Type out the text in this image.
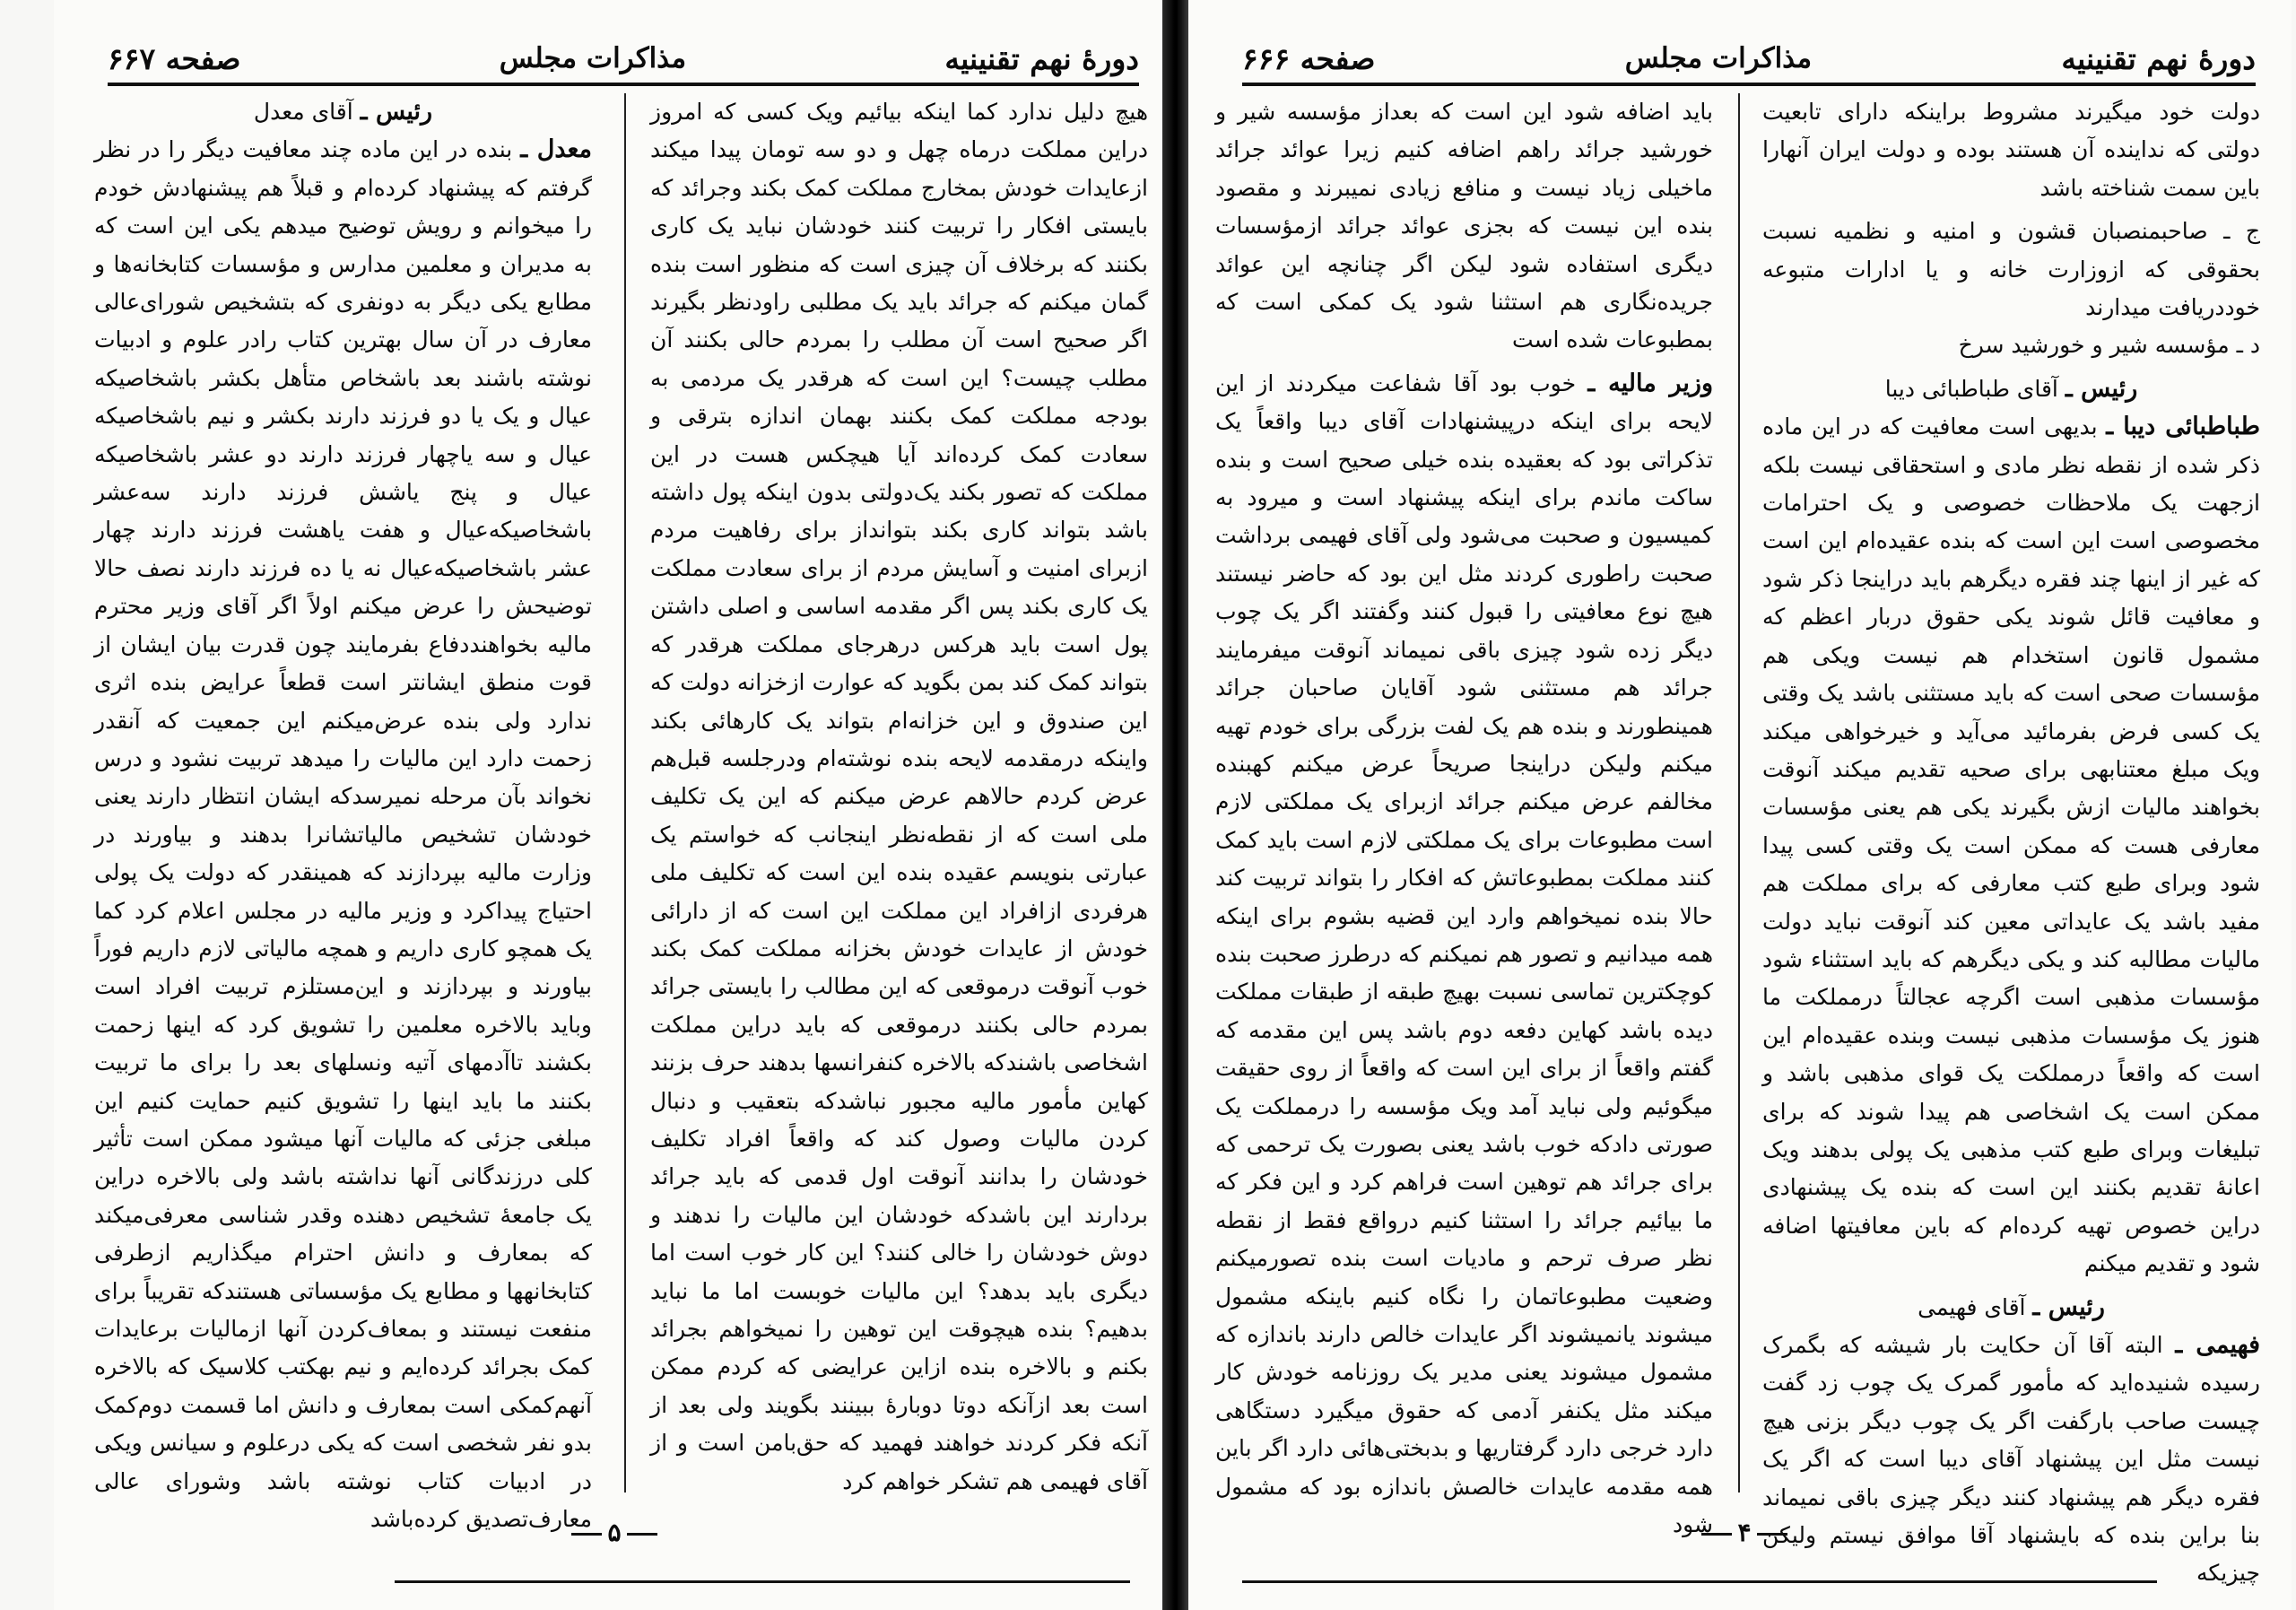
دورهٔ نهم تقنینیه
مذاکرات مجلس
صفحه ۶۶۷

هیچ دلیل ندارد کما اینکه بیائیم ویک کسی که امروز دراین مملکت درماه چهل و دو سه تومان پیدا میکند ازعایدات خودش بمخارج مملکت کمک بکند وجرائد که بایستی افکار را تربیت کنند خودشان نباید یک کاری بکنند که برخلاف آن چیزی است که منظور است بنده گمان میکنم که جرائد باید یک مطلبی راودنظر بگیرند اگر صحیح است آن مطلب را بمردم حالی بکنند آن مطلب چیست؟ این است که هرقدر یک مردمی به بودجه مملکت کمک بکنند بهمان اندازه بترقی و سعادت کمک کرده‌اند آیا هیچکس هست در این مملکت که تصور بکند یک‌دولتی بدون اینکه پول داشته باشد بتواند کاری بکند بتوانداز برای رفاهیت مردم ازبرای امنیت و آسایش مردم از برای سعادت مملکت یک کاری بکند پس اگر مقدمه اساسی و اصلی داشتن پول است باید هرکس درهرجای مملکت هرقدر که بتواند کمک کند بمن بگوید که عوارت ازخزانه دولت که این صندوق و این خزانه‌ام بتواند یک کارهائی بکند واینکه درمقدمه لایحه بنده نوشته‌ام ودرجلسه قبل‌هم عرض کردم حالا‌هم عرض میکنم که این یک تکلیف ملی است که از نقطه‌نظر اینجانب که خواستم یک عبارتی بنویسم عقیده بنده این است که تکلیف ملی هرفردی ازافراد این مملکت این است که از دارائی خودش از عایدات خودش بخزانه مملکت کمک بکند خوب آنوقت درموقعی که این مطالب را بایستی جرائد بمردم حالی بکنند درموقعی که باید دراین مملکت اشخاصی باشندکه بالاخره کنفرانسها بدهند حرف بزنند کهاین مأمور مالیه مجبور نباشدکه بتعقیب و دنبال کردن مالیات وصول کند که واقعاً افراد تکلیف خودشان را بدانند آنوقت اول قدمی که باید جرائد بردارند این باشدکه خودشان این مالیات را ندهند و دوش خودشان را خالی کنند؟ این کار خوب است اما دیگری باید بدهد؟ این مالیات خوبست اما ما نباید بدهیم؟ بنده هیچوقت این توهین را نمیخواهم بجرائد بکنم و بالاخره بنده ازاین عرایضی که کردم ممکن است بعد ازآنکه دوتا دوبارهٔ ببینند بگویند ولی بعد از آنکه فکر کردند خواهند فهمید که حق‌با‌من است و از آقای فهیمی هم تشکر خواهم کرد

رئیس ـ آقای معدل

معدل ـ بنده در این ماده چند معافیت دیگر را در نظر گرفتم که پیشنهاد کرده‌ام و قبلاً هم پیشنهادش خودم را میخوانم و رویش توضیح میدهم یکی این است که به مدیران و معلمین مدارس و مؤسسات کتابخانه‌ها و مطابع یکی دیگر به دونفری که بتشخیص شورای‌عالی معارف در آن سال بهترین کتاب رادر علوم و ادبیات نوشته باشند بعد باشخاص متأهل بکشر باشخاصیکه عیال و یک یا دو فرزند دارند بکشر و نیم باشخاصیکه عیال و سه یاچهار فرزند دارند دو عشر باشخاصیکه عیال و پنج یاشش فرزند دارند سه‌عشر باشخاصیکه‌عیال و هفت یاهشت فرزند دارند چهار عشر باشخاصیکه‌عیال نه یا ده فرزند دارند نصف حالا توضیحش را عرض میکنم اولاً اگر آقای وزیر محترم مالیه بخواهند‌دفاع بفرمایند چون قدرت بیان ایشان از قوت منطق ایشانتر است قطعاً عرایض بنده اثری ندارد ولی بنده عرض‌میکنم این جمعیت که آنقدر زحمت دارد این مالیات را میدهد تربیت نشود و درس نخواند بآن مرحله نمیرسدکه ایشان انتظار دارند یعنی خودشان تشخیص مالیاتشانرا بدهند و بیاورند در وزارت مالیه بپردازند که همینقدر که دولت یک پولی احتیاج پیداکرد و وزیر مالیه در مجلس اعلام کرد کما یک همچو کاری داریم و همچه مالیاتی لازم داریم فوراً بیاورند و بپردازند و این‌مستلزم تربیت افراد است وباید بالاخره معلمین را تشویق کرد که اینها زحمت بکشند تاآدمهای آتیه ونسلهای بعد را برای ما تربیت بکنند ما باید اینها را تشویق کنیم حمایت کنیم این مبلغی جزئی که مالیات آنها میشود ممکن است تأثیر کلی درزندگانی آنها نداشته باشد ولی بالاخره دراین یک جامعهٔ تشخیص دهنده وقدر شناسی معرفی‌میکند که بمعارف و دانش احترام میگذاریم ازطرفی کتابخانهها و مطابع یک مؤسساتی هستندکه تقریباً برای منفعت نیستند و بمعاف‌کردن آنها ازمالیات برعایدات کمک بجرائد کرده‌ایم و نیم بهکتب کلاسیک که بالاخره آنهم‌کمکی است بمعارف و دانش اما قسمت دوم‌کمک بدو نفر شخصی است که یکی درعلوم و سیانس ویکی در ادبیات کتاب نوشته باشد وشورای عالی معارف‌تصدیق کرده‌باشد ۵
دورهٔ نهم تقنینیه
مذاکرات مجلس
صفحه ۶۶۶

دولت خود میگیرند مشروط براینکه دارای تابعیت دولتی که نداینده آن هستند بوده و دولت ایران آنهارا باین سمت شناخته باشد

ج ـ صاحبمنصبان قشون و امنیه و نظمیه نسبت بحقوقی که ازوزارت خانه و یا ادارات متبوعه خوددریافت میدارند

د ـ مؤسسه شیر و خورشید سرخ

رئیس ـ آقای طباطبائی دیبا

طباطبائی دیبا ـ بدیهی است معافیت که در این ماده ذکر شده از نقطه نظر مادی و استحقاقی نیست بلکه ازجهت یک ملاحظات خصوصی و یک احترامات مخصوصی است این است که بنده عقیده‌ام این است که غیر از اینها چند فقره دیگرهم باید دراینجا ذکر شود و معافیت قائل شوند یکی حقوق دربار اعظم که مشمول قانون استخدام هم نیست ویکی هم مؤسسات صحی است که باید مستثنی باشد یک وقتی یک کسی فرض بفرمائید می‌آید و خیرخواهی میکند ویک مبلغ معتنابهی برای صحیه تقدیم میکند آنوقت بخواهند مالیات ازش بگیرند یکی هم یعنی مؤسسات معارفی هست که ممکن است یک وقتی کسی پیدا شود وبرای طبع کتب معارفی که برای مملکت هم مفید باشد یک عایداتی معین کند آنوقت نباید دولت مالیات مطالبه کند و یکی دیگرهم که باید استثناء شود مؤسسات مذهبی است اگرچه عجالتاً درمملکت ما هنوز یک مؤسسات مذهبی نیست وبنده عقیده‌ام این است که واقعاً درمملکت یک قوای مذهبی باشد و ممکن است یک اشخاصی هم پیدا شوند که برای تبلیغات وبرای طبع کتب مذهبی یک پولی بدهند ویک اعانهٔ تقدیم بکنند این است که بنده یک پیشنهادی دراین خصوص تهیه کرده‌ام که باین معافیتها اضافه شود و تقدیم میکنم

رئیس ـ آقای فهیمی

فهیمی ـ البته آقا آن حکایت بار شیشه که بگمرک رسیده شنیده‌اید که مأمور گمرک یک چوب زد گفت چیست صاحب بارگفت اگر یک چوب دیگر بزنی هیچ نیست مثل این پیشنهاد آقای دیبا است که اگر یک فقره دیگر هم پیشنهاد کنند دیگر چیزی باقی نمیماند بنا براین بنده که بایشنهاد آقا موافق نیستم ولیکن چیزیکه

باید اضافه شود این است که بعداز مؤسسه شیر و خورشید جرائد راهم اضافه کنیم زیرا عوائد جرائد ماخیلی زیاد نیست و منافع زیادی نمیبرند و مقصود بنده این نیست که بجزی عوائد جرائد ازمؤسسات دیگری استفاده شود لیکن اگر چنانچه این عوائد جریده‌نگاری هم استثنا شود یک کمکی است که بمطبوعات شده است

وزیر مالیه ـ خوب بود آقا شفاعت میکردند از این لایحه برای اینکه درپیشنهادات آقای دیبا واقعاً یک تذکراتی بود که بعقیده بنده خیلی صحیح است و بنده ساکت ماندم برای اینکه پیشنهاد است و میرود به کمیسیون و صحبت می‌شود ولی آقای فهیمی برداشت صحبت راطوری کردند مثل این بود که حاضر نیستند هیچ نوع معافیتی را قبول کنند وگفتند اگر یک چوب دیگر زده شود چیزی باقی نمیماند آنوقت میفرمایند جرائد هم مستثنی شود آقایان صاحبان جرائد همینطورند و بنده هم یک لفت بزرگی برای خودم تهیه میکنم ولیکن دراینجا صریحاً عرض میکنم کهبنده مخالفم عرض میکنم جرائد ازبرای یک مملکتی لازم است مطبوعات برای یک مملکتی لازم است باید کمک کنند مملکت بمطبوعاتش که افکار را بتواند تربیت کند حالا بنده نمیخواهم وارد این قضیه بشوم برای اینکه همه میدانیم و تصور هم نمیکنم که درطرز صحبت بنده کوچکترین تماسی نسبت بهیچ طبقه از طبقات مملکت دیده باشد کهاین دفعه دوم باشد پس این مقدمه که گفتم واقعاً از برای این است که واقعاً از روی حقیقت میگوئیم ولی نباید آمد ویک مؤسسه را درمملکت یک صورتی دادکه خوب باشد یعنی بصورت یک ترحمی که برای جرائد هم توهین است فراهم کرد و این فکر که ما بیائیم جرائد را استثنا کنیم درواقع فقط از نقطه نظر صرف ترحم و مادیات است بنده تصورمیکنم وضعیت مطبوعاتمان را نگاه کنیم باینکه مشمول میشوند یانمیشوند اگر عایدات خالص دارند باندازه که مشمول میشوند یعنی مدیر یک روزنامه خودش کار میکند مثل یکنفر آدمی که حقوق میگیرد دستگاهی دارد خرجی دارد گرفتاریها و بدبختی‌هائی دارد اگر باین همه مقدمه عایدات خالصش باندازه بود که مشمول شود ۴
